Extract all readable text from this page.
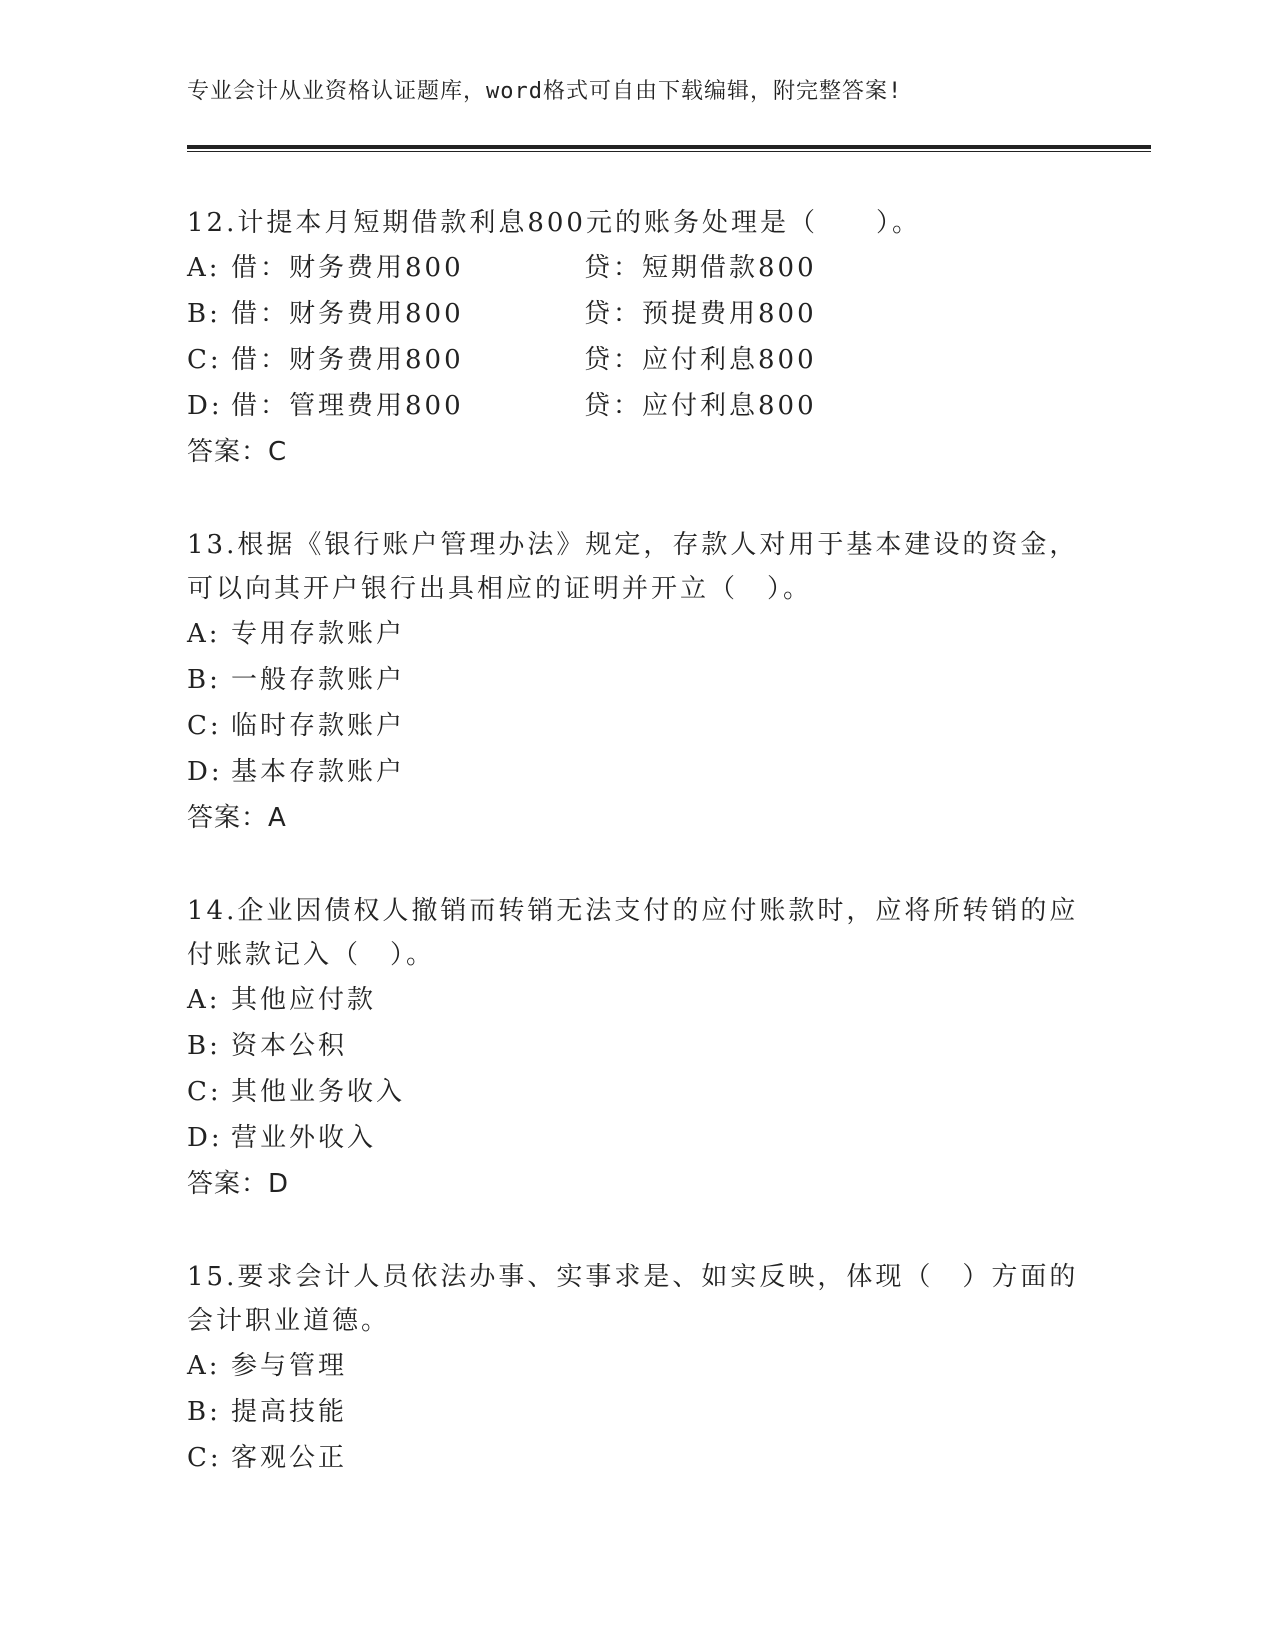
专业会计从业资格认证题库，word格式可自由下载编辑，附完整答案!

12.计提本月短期借款利息800元的账务处理是（　　）。

A: 借：财务费用800	贷：短期借款800
B: 借：财务费用800	贷：预提费用800
C: 借：财务费用800	贷：应付利息800
D: 借：管理费用800	贷：应付利息800
答案：C

13.根据《银行账户管理办法》规定，存款人对用于基本建设的资金，可以向其开户银行出具相应的证明并开立（　）。

A: 专用存款账户
B: 一般存款账户
C: 临时存款账户
D: 基本存款账户
答案：A

14.企业因债权人撤销而转销无法支付的应付账款时，应将所转销的应付账款记入（　）。

A: 其他应付款
B: 资本公积
C: 其他业务收入
D: 营业外收入
答案：D

15.要求会计人员依法办事、实事求是、如实反映，体现（　）方面的会计职业道德。

A: 参与管理
B: 提高技能
C: 客观公正
